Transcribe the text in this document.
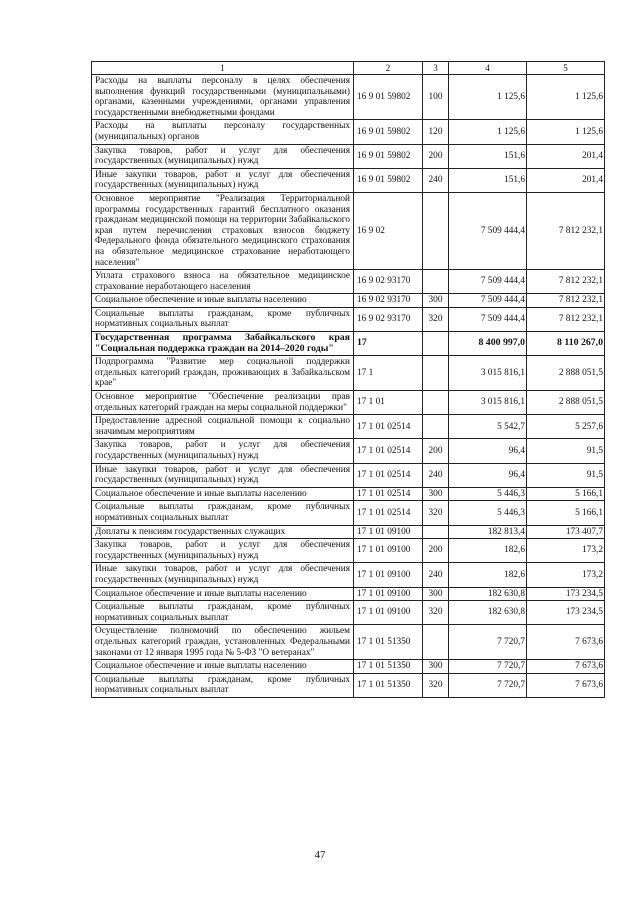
1	2	3	4	5
Расходы на выплаты персоналу в целях обеспечения выполнения функций государственными (муниципальными) органами, казенными учреждениями, органами управления государственными внебюджетными фондами	16 9 01 59802	100	1 125,6	1 125,6
Расходы на выплаты персоналу государственных (муниципальных) органов	16 9 01 59802	120	1 125,6	1 125,6
Закупка товаров, работ и услуг для обеспечения государственных (муниципальных) нужд	16 9 01 59802	200	151,6	201,4
Иные закупки товаров, работ и услуг для обеспечения государственных (муниципальных) нужд	16 9 01 59802	240	151,6	201,4
Основное мероприятие "Реализация Территориальной программы государственных гарантий бесплатного оказания гражданам медицинской помощи на территории Забайкальского края путем перечисления страховых взносов бюджету Федерального фонда обязательного медицинского страхования на обязательное медицинское страхование неработающего населения"	16 9 02		7 509 444,4	7 812 232,1
Уплата страхового взноса на обязательное медицинское страхование неработающего населения	16 9 02 93170		7 509 444,4	7 812 232,1
Социальное обеспечение и иные выплаты населению	16 9 02 93170	300	7 509 444,4	7 812 232,1
Социальные выплаты гражданам, кроме публичных нормативных социальных выплат	16 9 02 93170	320	7 509 444,4	7 812 232,1
Государственная программа Забайкальского края "Социальная поддержка граждан на 2014–2020 годы"	17		8 400 997,0	8 110 267,0
Подпрограмма "Развитие мер социальной поддержки отдельных категорий граждан, проживающих в Забайкальском крае"	17 1		3 015 816,1	2 888 051,5
Основное мероприятие "Обеспечение реализации прав отдельных категорий граждан на меры социальной поддержки"	17 1 01		3 015 816,1	2 888 051,5
Предоставление адресной социальной помощи к социально значимым мероприятиям	17 1 01 02514		5 542,7	5 257,6
Закупка товаров, работ и услуг для обеспечения государственных (муниципальных) нужд	17 1 01 02514	200	96,4	91,5
Иные закупки товаров, работ и услуг для обеспечения государственных (муниципальных) нужд	17 1 01 02514	240	96,4	91,5
Социальное обеспечение и иные выплаты населению	17 1 01 02514	300	5 446,3	5 166,1
Социальные выплаты гражданам, кроме публичных нормативных социальных выплат	17 1 01 02514	320	5 446,3	5 166,1
Доплаты к пенсиям государственных служащих	17 1 01 09100		182 813,4	173 407,7
Закупка товаров, работ и услуг для обеспечения государственных (муниципальных) нужд	17 1 01 09100	200	182,6	173,2
Иные закупки товаров, работ и услуг для обеспечения государственных (муниципальных) нужд	17 1 01 09100	240	182,6	173,2
Социальное обеспечение и иные выплаты населению	17 1 01 09100	300	182 630,8	173 234,5
Социальные выплаты гражданам, кроме публичных нормативных социальных выплат	17 1 01 09100	320	182 630,8	173 234,5
Осуществление полномочий по обеспечению жильем отдельных категорий граждан, установленных Федеральными законами от 12 января 1995 года № 5-ФЗ "О ветеранах"	17 1 01 51350		7 720,7	7 673,6
Социальное обеспечение и иные выплаты населению	17 1 01 51350	300	7 720,7	7 673,6
Социальные выплаты гражданам, кроме публичных нормативных социальных выплат	17 1 01 51350	320	7 720,7	7 673,6
47
